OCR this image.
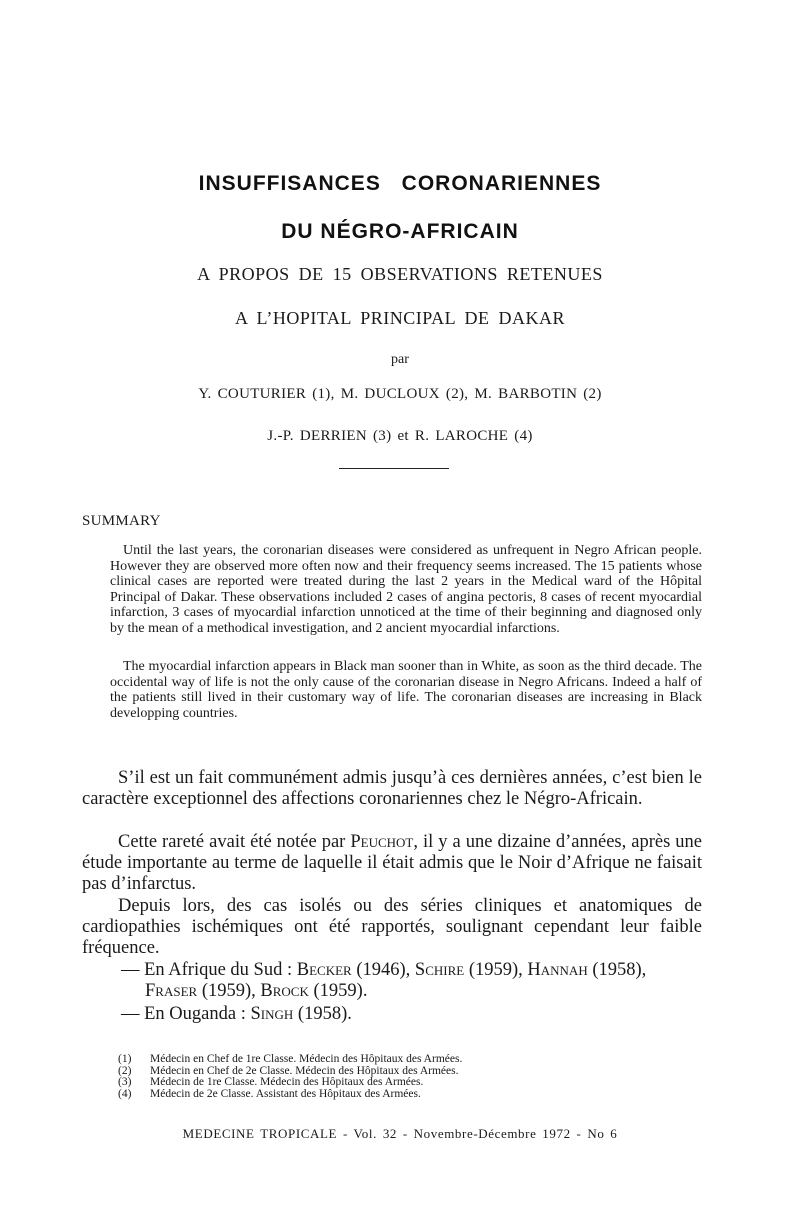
INSUFFISANCES CORONARIENNES
DU NÉGRO-AFRICAIN
A PROPOS DE 15 OBSERVATIONS RETENUES
A L’HOPITAL PRINCIPAL DE DAKAR
par
Y. COUTURIER (1), M. DUCLOUX (2), M. BARBOTIN (2)
J.-P. DERRIEN (3) et R. LAROCHE (4)
SUMMARY

Until the last years, the coronarian diseases were considered as unfrequent in Negro African people. However they are observed more often now and their frequency seems increased. The 15 patients whose clinical cases are reported were treated during the last 2 years in the Medical ward of the Hôpital Principal of Dakar. These observations included 2 cases of angina pectoris, 8 cases of recent myocardial infarction, 3 cases of myocardial infarction unnoticed at the time of their beginning and diagnosed only by the mean of a methodical investigation, and 2 ancient myocardial infarctions.

The myocardial infarction appears in Black man sooner than in White, as soon as the third decade. The occidental way of life is not the only cause of the coronarian disease in Negro Africans. Indeed a half of the patients still lived in their customary way of life. The coronarian diseases are increasing in Black developping countries.

S’il est un fait communément admis jusqu’à ces dernières années, c’est bien le caractère exceptionnel des affections coronariennes chez le Négro-Africain.

Cette rareté avait été notée par Peuchot, il y a une dizaine d’années, après une étude importante au terme de laquelle il était admis que le Noir d’Afrique ne faisait pas d’infarctus.

Depuis lors, des cas isolés ou des séries cliniques et anatomiques de cardiopathies ischémiques ont été rapportés, soulignant cependant leur faible fréquence.

— En Afrique du Sud : Becker (1946), Schire (1959), Hannah (1958),
Fraser (1959), Brock (1959).

— En Ouganda : Singh (1958).

(1) Médecin en Chef de 1re Classe. Médecin des Hôpitaux des Armées.
(2) Médecin en Chef de 2e Classe. Médecin des Hôpitaux des Armées.
(3) Médecin de 1re Classe. Médecin des Hôpitaux des Armées.
(4) Médecin de 2e Classe. Assistant des Hôpitaux des Armées.
MEDECINE TROPICALE - Vol. 32 - Novembre-Décembre 1972 - No 6
